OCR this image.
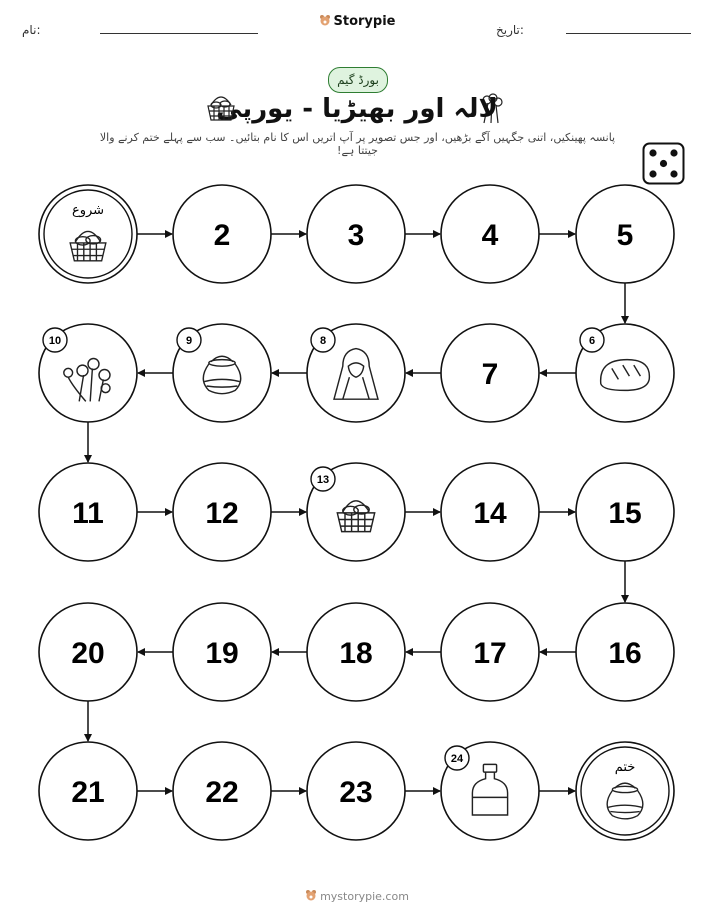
نام:
Storypie
تاریخ:
بورڈ گیم
لالہ اور بھیڑیا - یورپی
پانسہ پھینکیں، اتنی جگہیں آگے بڑھیں، اور جس تصویر پر آپ اتریں اس کا نام بتائیں۔ سب سے پہلے ختم کرنے والا جیتتا ہے!
شروع
2	3	4	5
6
7
8
9
10
11	12
13
14	15
16
17
18
19
20
21	22	23
24
ختم
mystorypie.com
